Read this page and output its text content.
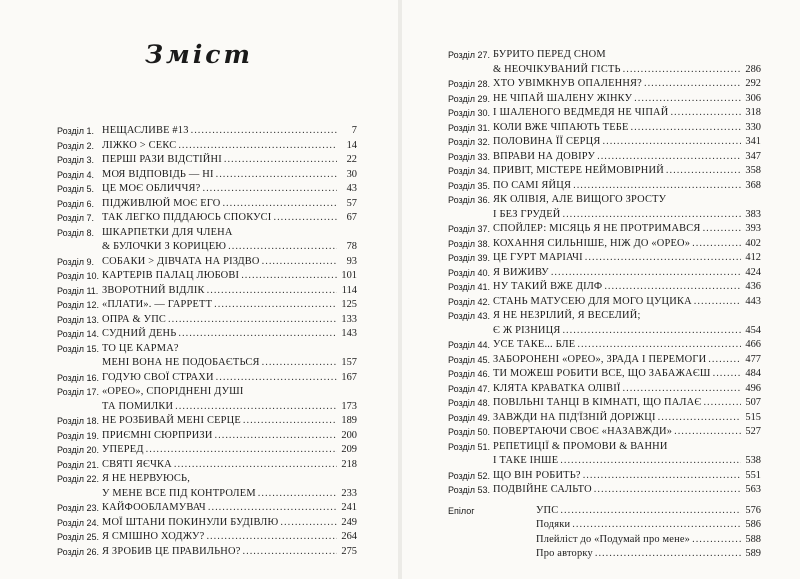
Зміст
Розділ 1. НЕЩАСЛИВЕ #13 .....	7
Розділ 2. ЛІЖКО > СЕКС .....	14
Розділ 3. ПЕРШІ РАЗИ ВІДСТІЙНІ .....	22
Розділ 4. МОЯ ВІДПОВІДЬ — НІ .....	30
Розділ 5. ЦЕ МОЄ ОБЛИЧЧЯ? .....	43
Розділ 6. ПІДЖИВЛЮЙ МОЄ ЕГО .....	57
Розділ 7. ТАК ЛЕГКО ПІДДАЮСЬ СПОКУСІ .....	67
Розділ 8. ШКАРПЕТКИ ДЛЯ ЧЛЕНА
& БУЛОЧКИ З КОРИЦЕЮ .....	78
Розділ 9. СОБАКИ > ДІВЧАТА НА РІЗДВО .....	93
Розділ 10. КАРТЕРІВ ПАЛАЦ ЛЮБОВІ .....	101
Розділ 11. ЗВОРОТНИЙ ВІДЛІК .....	114
Розділ 12. «ПЛАТИ». — ГАРРЕТТ .....	125
Розділ 13. ОПРА & УПС .....	133
Розділ 14. СУДНИЙ ДЕНЬ .....	143
Розділ 15. ТО ЦЕ КАРМА?
МЕНІ ВОНА НЕ ПОДОБАЄТЬСЯ .....	157
Розділ 16. ГОДУЮ СВОЇ СТРАХИ .....	167
Розділ 17. «ОРЕО», СПОРІДНЕНІ ДУШІ
ТА ПОМИЛКИ .....	173
Розділ 18. НЕ РОЗБИВАЙ МЕНІ СЕРЦЕ .....	189
Розділ 19. ПРИЄМНІ СЮРПРИЗИ .....	200
Розділ 20. УПЕРЕД .....	209
Розділ 21. СВЯТІ ЯЄЧКА .....	218
Розділ 22. Я НЕ НЕРВУЮСЬ,
У МЕНЕ ВСЕ ПІД КОНТРОЛЕМ .....	233
Розділ 23. КАЙФООБЛАМУВАЧ .....	241
Розділ 24. МОЇ ШТАНИ ПОКИНУЛИ БУДІВЛЮ .....	249
Розділ 25. Я СМІШНО ХОДЖУ? .....	264
Розділ 26. Я ЗРОБИВ ЦЕ ПРАВИЛЬНО? .....	275
Розділ 27. БУРИТО ПЕРЕД СНОМ
& НЕОЧІКУВАНИЙ ГІСТЬ .....	286
Розділ 28. ХТО УВІМКНУВ ОПАЛЕННЯ? .....	292
Розділ 29. НЕ ЧІПАЙ ШАЛЕНУ ЖІНКУ .....	306
Розділ 30. І ШАЛЕНОГО ВЕДМЕДЯ НЕ ЧІПАЙ .....	318
Розділ 31. КОЛИ ВЖЕ ЧІПАЮТЬ ТЕБЕ .....	330
Розділ 32. ПОЛОВИНА ЇЇ СЕРЦЯ .....	341
Розділ 33. ВПРАВИ НА ДОВІРУ .....	347
Розділ 34. ПРИВІТ, МІСТЕРЕ НЕЙМОВІРНИЙ .....	358
Розділ 35. ПО САМІ ЯЙЦЯ .....	368
Розділ 36. ЯК ОЛІВІЯ, АЛЕ ВИЩОГО ЗРОСТУ
І БЕЗ ГРУДЕЙ .....	383
Розділ 37. СПОЙЛЕР: МІСЯЦЬ Я НЕ ПРОТРИМАВСЯ .....	393
Розділ 38. КОХАННЯ СИЛЬНІШЕ, НІЖ ДО «ОРЕО» .....	402
Розділ 39. ЦЕ ГУРТ МАРІАЧІ .....	412
Розділ 40. Я ВИЖИВУ .....	424
Розділ 41. НУ ТАКИЙ ВЖЕ ДІЛФ .....	436
Розділ 42. СТАНЬ МАТУСЕЮ ДЛЯ МОГО ЦУЦИКА .....	443
Розділ 43. Я НЕ НЕЗРІЛИЙ, Я ВЕСЕЛИЙ;
Є Ж РІЗНИЦЯ .....	454
Розділ 44. УСЕ ТАКЕ... БЛЕ .....	466
Розділ 45. ЗАБОРОНЕНІ «ОРЕО», ЗРАДА І ПЕРЕМОГИ .....	477
Розділ 46. ТИ МОЖЕШ РОБИТИ ВСЕ, ЩО ЗАБАЖАЄШ .....	484
Розділ 47. КЛЯТА КРАВАТКА ОЛІВІЇ .....	496
Розділ 48. ПОВІЛЬНІ ТАНЦІ В КІМНАТІ, ЩО ПАЛАЄ .....	507
Розділ 49. ЗАВЖДИ НА ПІД'ЇЗНІЙ ДОРІЖЦІ .....	515
Розділ 50. ПОВЕРТАЮЧИ СВОЄ «НАЗАВЖДИ» .....	527
Розділ 51. РЕПЕТИЦІЇ & ПРОМОВИ & ВАННИ
І ТАКЕ ІНШЕ .....	538
Розділ 52. ЩО ВІН РОБИТЬ? .....	551
Розділ 53. ПОДВІЙНЕ САЛЬТО .....	563
Епілог	УПС .....	576
Подяки .....	586
Плейліст до «Подумай про мене» .....	588
Про авторку .....	589
